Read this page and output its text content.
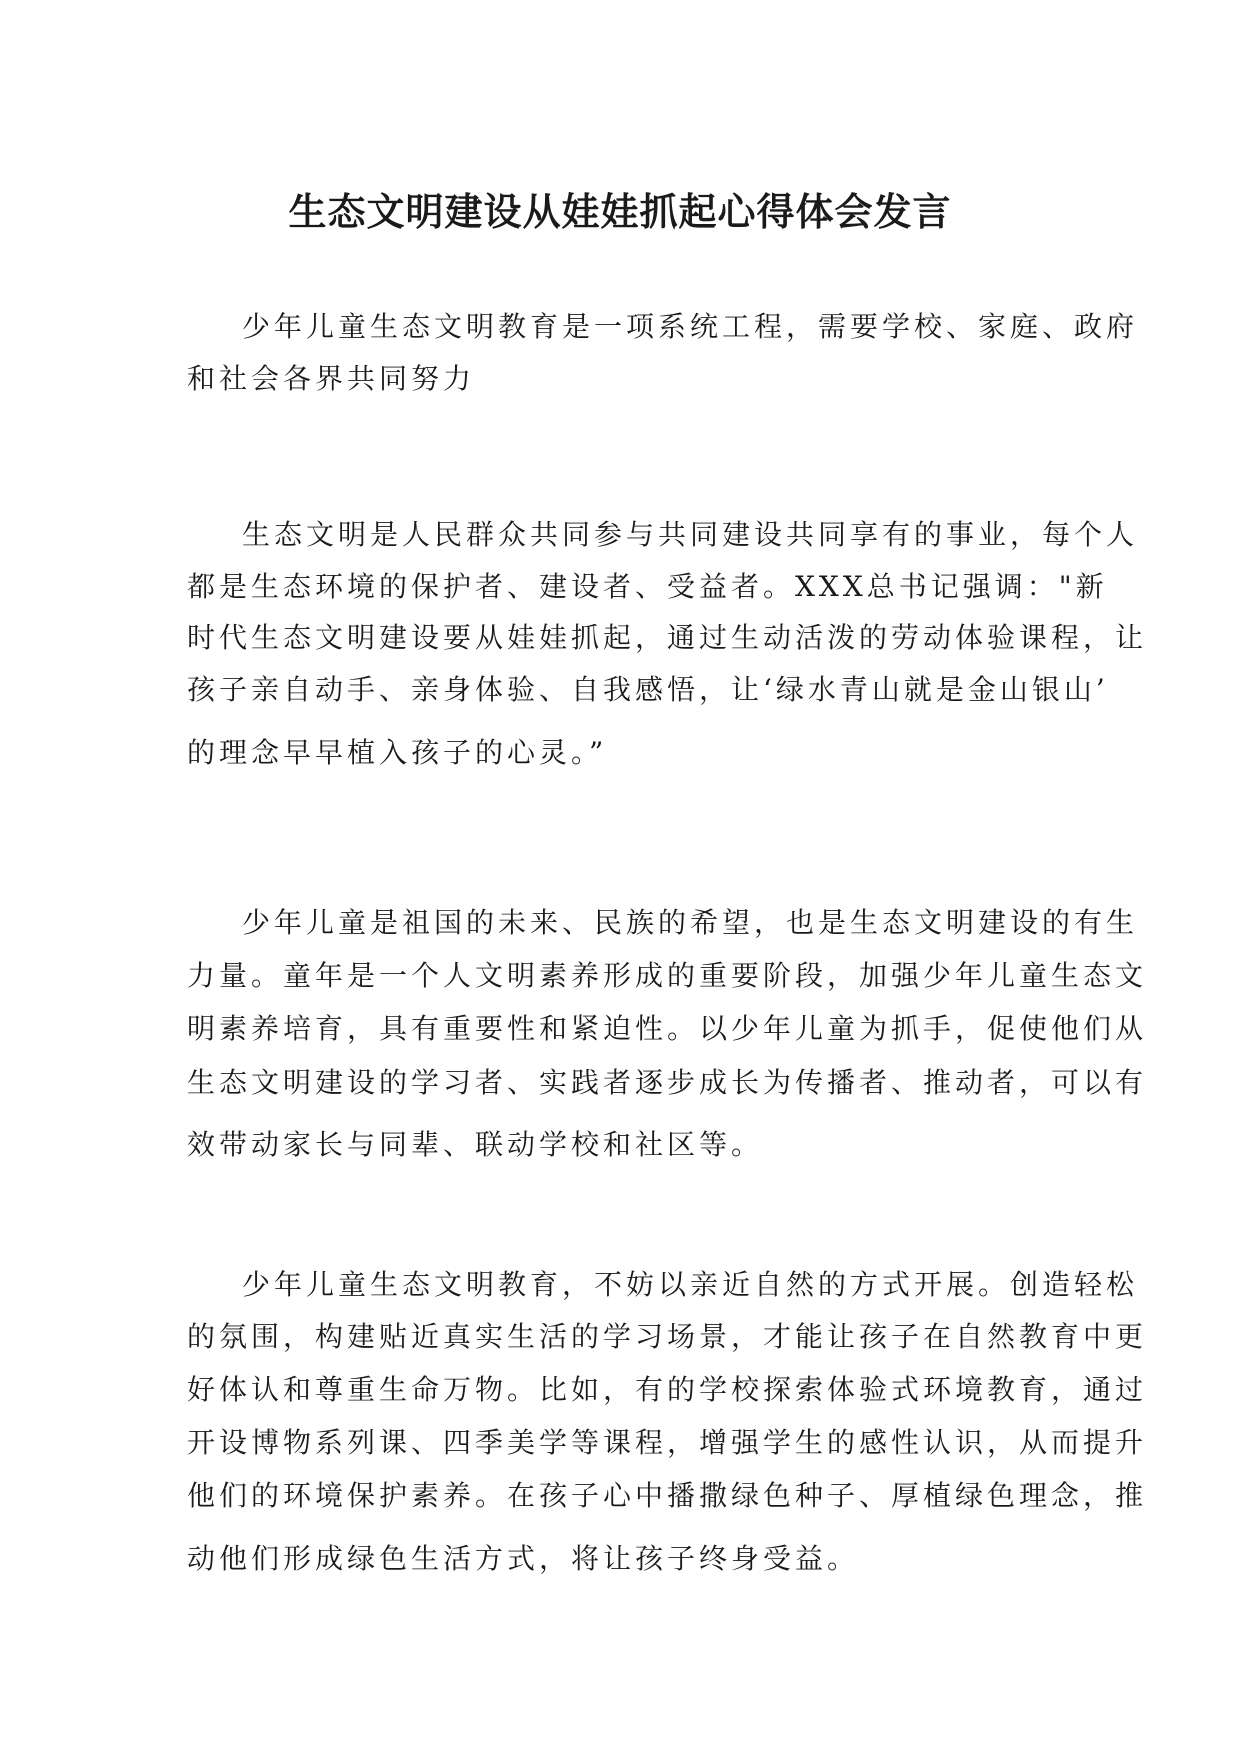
生态文明建设从娃娃抓起心得体会发言
少年儿童生态文明教育是一项系统工程，需要学校、家庭、政府
和社会各界共同努力
生态文明是人民群众共同参与共同建设共同享有的事业，每个人
都是生态环境的保护者、建设者、受益者。XXX总书记强调："新
时代生态文明建设要从娃娃抓起，通过生动活泼的劳动体验课程，让
孩子亲自动手、亲身体验、自我感悟，让‘绿水青山就是金山银山’
的理念早早植入孩子的心灵。”
少年儿童是祖国的未来、民族的希望，也是生态文明建设的有生
力量。童年是一个人文明素养形成的重要阶段，加强少年儿童生态文
明素养培育，具有重要性和紧迫性。以少年儿童为抓手，促使他们从
生态文明建设的学习者、实践者逐步成长为传播者、推动者，可以有
效带动家长与同辈、联动学校和社区等。
少年儿童生态文明教育，不妨以亲近自然的方式开展。创造轻松
的氛围，构建贴近真实生活的学习场景，才能让孩子在自然教育中更
好体认和尊重生命万物。比如，有的学校探索体验式环境教育，通过
开设博物系列课、四季美学等课程，增强学生的感性认识，从而提升
他们的环境保护素养。在孩子心中播撒绿色种子、厚植绿色理念，推
动他们形成绿色生活方式，将让孩子终身受益。
